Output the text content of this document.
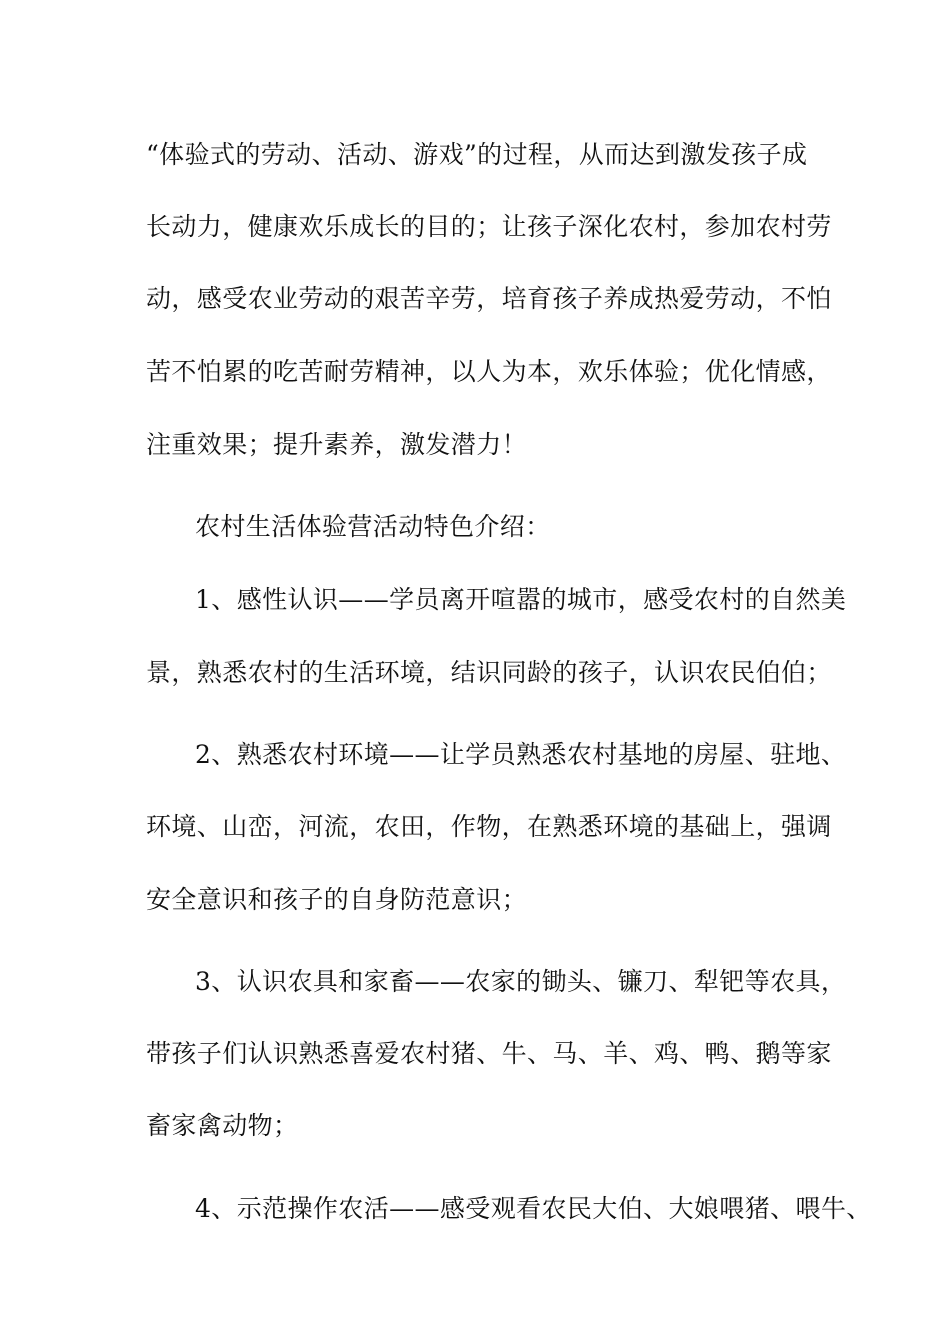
“体验式的劳动、活动、游戏”的过程，从而达到激发孩子成
长动力，健康欢乐成长的目的；让孩子深化农村，参加农村劳
动，感受农业劳动的艰苦辛劳，培育孩子养成热爱劳动，不怕
苦不怕累的吃苦耐劳精神，以人为本，欢乐体验；优化情感，
注重效果；提升素养，激发潜力！
农村生活体验营活动特色介绍：
1、感性认识——学员离开喧嚣的城市，感受农村的自然美
景，熟悉农村的生活环境，结识同龄的孩子，认识农民伯伯；
2、熟悉农村环境——让学员熟悉农村基地的房屋、驻地、
环境、山峦，河流，农田，作物，在熟悉环境的基础上，强调
安全意识和孩子的自身防范意识；
3、认识农具和家畜——农家的锄头、镰刀、犁钯等农具，
带孩子们认识熟悉喜爱农村猪、牛、马、羊、鸡、鸭、鹅等家
畜家禽动物；
4、示范操作农活——感受观看农民大伯、大娘喂猪、喂牛、
